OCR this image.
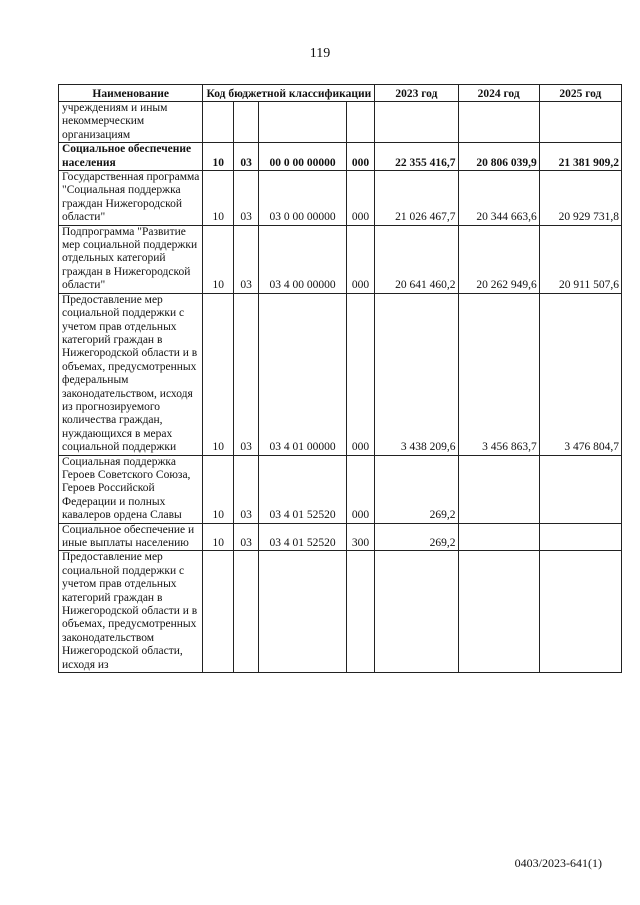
119
Наименование	Код бюджетной классификации				2023 год	2024 год	2025 год
учреждениям и иным некоммерческим организациям							
Социальное обеспечение населения	10	03	00 0 00 00000	000	22 355 416,7	20 806 039,9	21 381 909,2
Государственная программа "Социальная поддержка граждан Нижегородской области"	10	03	03 0 00 00000	000	21 026 467,7	20 344 663,6	20 929 731,8
Подпрограмма "Развитие мер социальной поддержки отдельных категорий граждан в Нижегородской области"	10	03	03 4 00 00000	000	20 641 460,2	20 262 949,6	20 911 507,6
Предоставление мер социальной поддержки с учетом прав отдельных категорий граждан в Нижегородской области и в объемах, предусмотренных федеральным законодательством, исходя из прогнозируемого количества граждан, нуждающихся в мерах социальной поддержки	10	03	03 4 01 00000	000	3 438 209,6	3 456 863,7	3 476 804,7
Социальная поддержка Героев Советского Союза, Героев Российской Федерации и полных кавалеров ордена Славы	10	03	03 4 01 52520	000	269,2		
Социальное обеспечение и иные выплаты населению	10	03	03 4 01 52520	300	269,2		
Предоставление мер социальной поддержки с учетом прав отдельных категорий граждан в Нижегородской области и в объемах, предусмотренных законодательством Нижегородской области, исходя из							
0403/2023-641(1)
